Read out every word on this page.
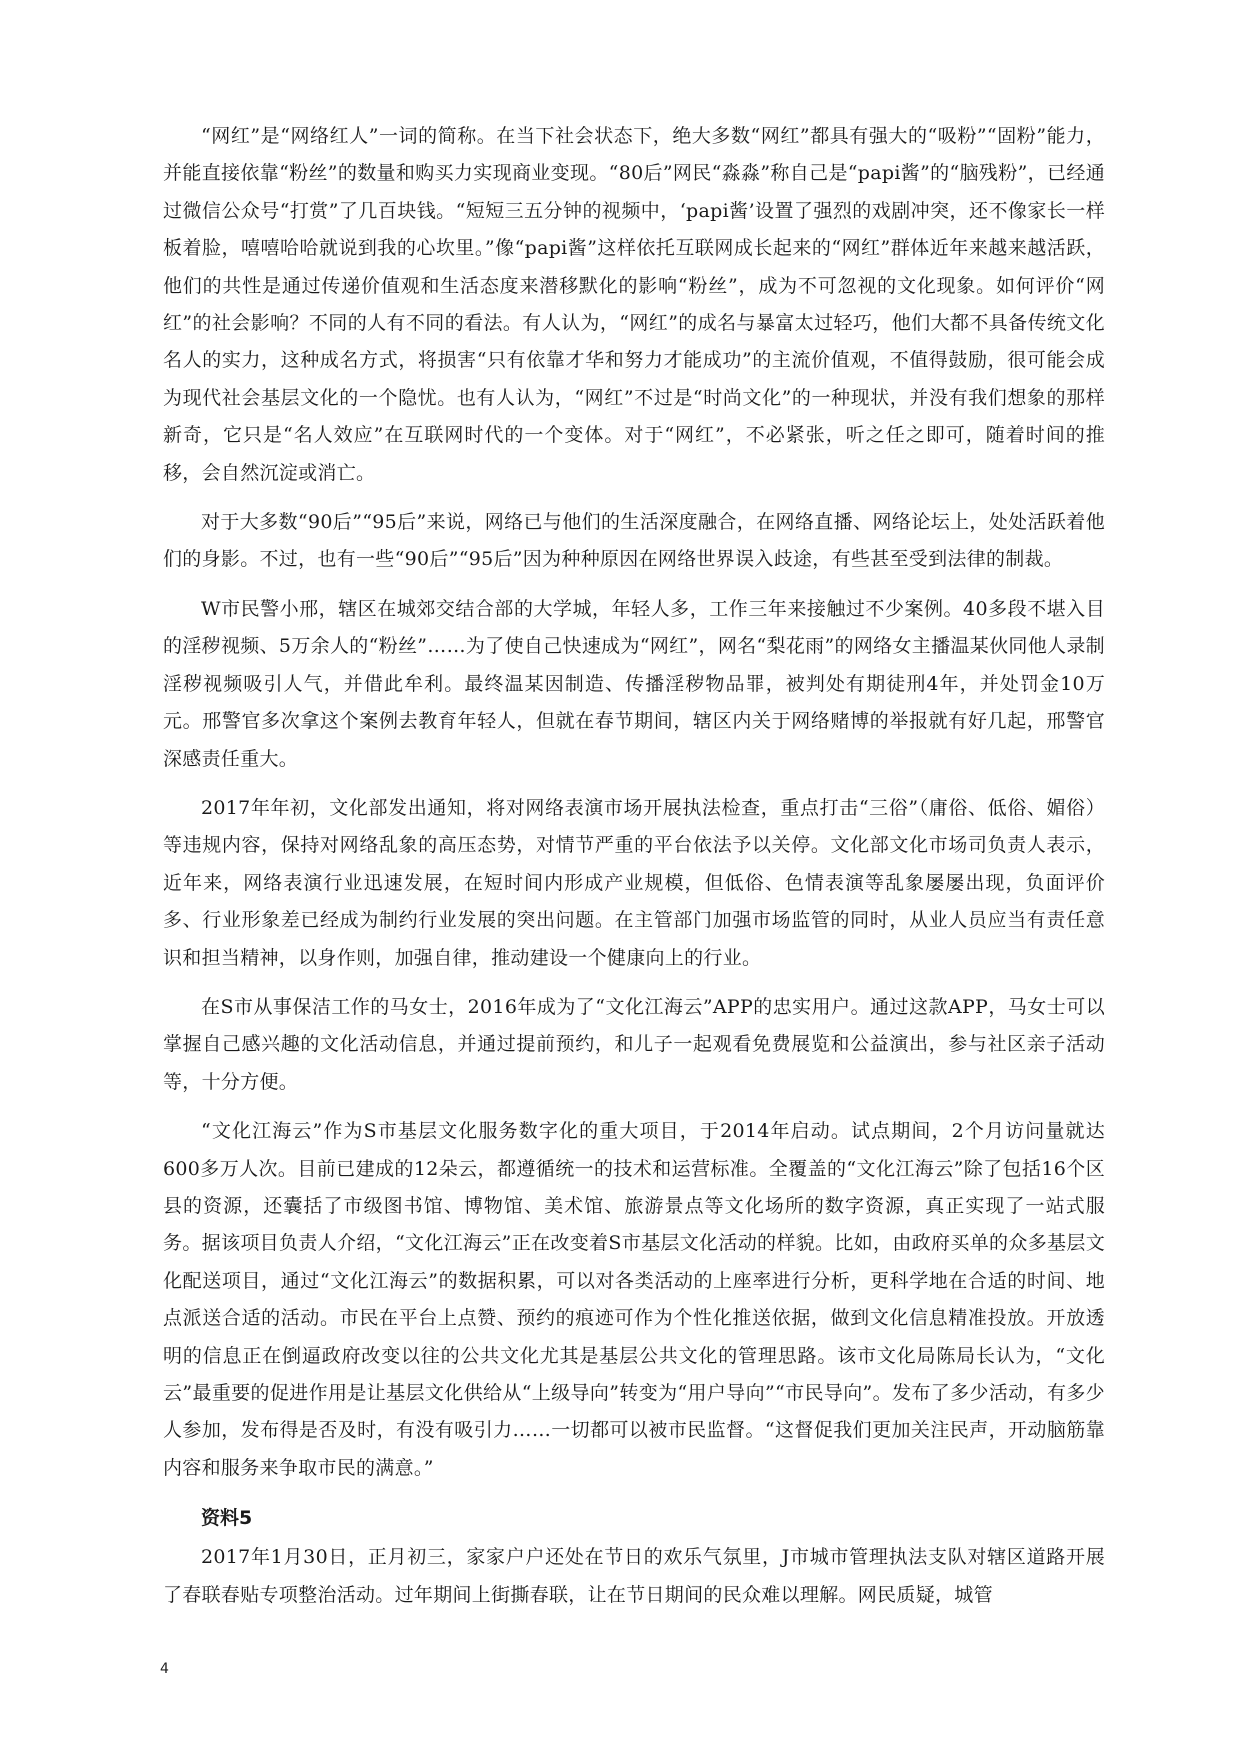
“网红”是“网络红人”一词的简称。在当下社会状态下，绝大多数“网红”都具有强大的“吸粉”“固粉”能力，并能直接依靠“粉丝”的数量和购买力实现商业变现。“80后”网民“淼淼”称自己是“papi酱”的“脑残粉”，已经通过微信公众号“打赏”了几百块钱。“短短三五分钟的视频中，‘papi酱’设置了强烈的戏剧冲突，还不像家长一样板着脸，嘻嘻哈哈就说到我的心坎里。”像“papi酱”这样依托互联网成长起来的“网红”群体近年来越来越活跃，他们的共性是通过传递价值观和生活态度来潜移默化的影响“粉丝”，成为不可忽视的文化现象。如何评价“网红”的社会影响？不同的人有不同的看法。有人认为，“网红”的成名与暴富太过轻巧，他们大都不具备传统文化名人的实力，这种成名方式，将损害“只有依靠才华和努力才能成功”的主流价值观，不值得鼓励，很可能会成为现代社会基层文化的一个隐忧。也有人认为，“网红”不过是“时尚文化”的一种现状，并没有我们想象的那样新奇，它只是“名人效应”在互联网时代的一个变体。对于“网红”，不必紧张，听之任之即可，随着时间的推移，会自然沉淀或消亡。

对于大多数“90后”“95后”来说，网络已与他们的生活深度融合，在网络直播、网络论坛上，处处活跃着他们的身影。不过，也有一些“90后”“95后”因为种种原因在网络世界误入歧途，有些甚至受到法律的制裁。

W市民警小邢，辖区在城郊交结合部的大学城，年轻人多，工作三年来接触过不少案例。40多段不堪入目的淫秽视频、5万余人的“粉丝”……为了使自己快速成为“网红”，网名“梨花雨”的网络女主播温某伙同他人录制淫秽视频吸引人气，并借此牟利。最终温某因制造、传播淫秽物品罪，被判处有期徒刑4年，并处罚金10万元。邢警官多次拿这个案例去教育年轻人，但就在春节期间，辖区内关于网络赌博的举报就有好几起，邢警官深感责任重大。

2017年年初，文化部发出通知，将对网络表演市场开展执法检查，重点打击“三俗”（庸俗、低俗、媚俗）等违规内容，保持对网络乱象的高压态势，对情节严重的平台依法予以关停。文化部文化市场司负责人表示，近年来，网络表演行业迅速发展，在短时间内形成产业规模，但低俗、色情表演等乱象屡屡出现，负面评价多、行业形象差已经成为制约行业发展的突出问题。在主管部门加强市场监管的同时，从业人员应当有责任意识和担当精神，以身作则，加强自律，推动建设一个健康向上的行业。

在S市从事保洁工作的马女士，2016年成为了“文化江海云”APP的忠实用户。通过这款APP，马女士可以掌握自己感兴趣的文化活动信息，并通过提前预约，和儿子一起观看免费展览和公益演出，参与社区亲子活动等，十分方便。

“文化江海云”作为S市基层文化服务数字化的重大项目，于2014年启动。试点期间，2个月访问量就达600多万人次。目前已建成的12朵云，都遵循统一的技术和运营标准。全覆盖的“文化江海云”除了包括16个区县的资源，还囊括了市级图书馆、博物馆、美术馆、旅游景点等文化场所的数字资源，真正实现了一站式服务。据该项目负责人介绍，“文化江海云”正在改变着S市基层文化活动的样貌。比如，由政府买单的众多基层文化配送项目，通过“文化江海云”的数据积累，可以对各类活动的上座率进行分析，更科学地在合适的时间、地点派送合适的活动。市民在平台上点赞、预约的痕迹可作为个性化推送依据，做到文化信息精准投放。开放透明的信息正在倒逼政府改变以往的公共文化尤其是基层公共文化的管理思路。该市文化局陈局长认为，“文化云”最重要的促进作用是让基层文化供给从“上级导向”转变为“用户导向”“市民导向”。发布了多少活动，有多少人参加，发布得是否及时，有没有吸引力……一切都可以被市民监督。“这督促我们更加关注民声，开动脑筋靠内容和服务来争取市民的满意。”

资料5

2017年1月30日，正月初三，家家户户还处在节日的欢乐气氛里，J市城市管理执法支队对辖区道路开展了春联春贴专项整治活动。过年期间上街撕春联，让在节日期间的民众难以理解。网民质疑，城管

4
